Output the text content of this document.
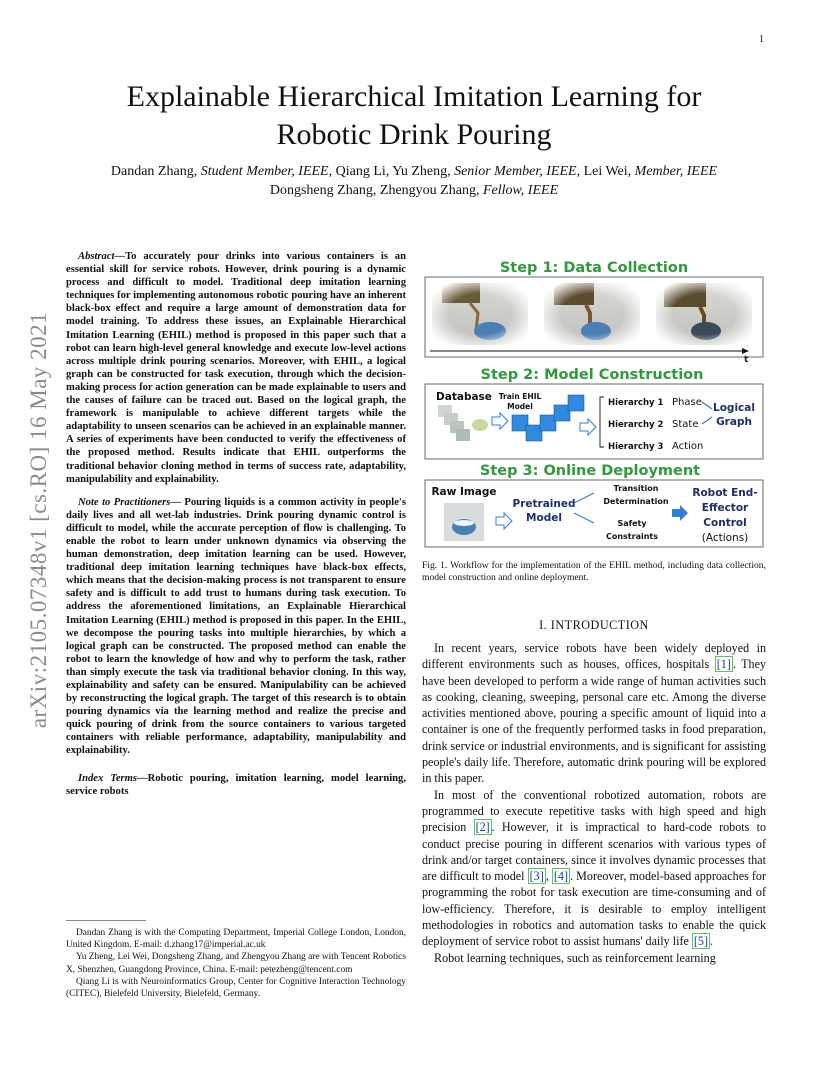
1
arXiv:2105.07348v1 [cs.RO] 16 May 2021
Explainable Hierarchical Imitation Learning for
Robotic Drink Pouring
Dandan Zhang, Student Member, IEEE, Qiang Li, Yu Zheng, Senior Member, IEEE, Lei Wei, Member, IEEE
Dongsheng Zhang, Zhengyou Zhang, Fellow, IEEE

Abstract—To accurately pour drinks into various containers is an essential skill for service robots. However, drink pouring is a dynamic process and difficult to model. Traditional deep imitation learning techniques for implementing autonomous robotic pouring have an inherent black-box effect and require a large amount of demonstration data for model training. To address these issues, an Explainable Hierarchical Imitation Learning (EHIL) method is proposed in this paper such that a robot can learn high-level general knowledge and execute low-level actions across multiple drink pouring scenarios. Moreover, with EHIL, a logical graph can be constructed for task execution, through which the decision-making process for action generation can be made explainable to users and the causes of failure can be traced out. Based on the logical graph, the framework is manipulable to achieve different targets while the adaptability to unseen scenarios can be achieved in an explainable manner. A series of experiments have been conducted to verify the effectiveness of the proposed method. Results indicate that EHIL outperforms the traditional behavior cloning method in terms of success rate, adaptability, manipulability and explainability.

Note to Practitioners— Pouring liquids is a common activity in people's daily lives and all wet-lab industries. Drink pouring dynamic control is difficult to model, while the accurate perception of flow is challenging. To enable the robot to learn under unknown dynamics via observing the human demonstration, deep imitation learning can be used. However, traditional deep imitation learning techniques have black-box effects, which means that the decision-making process is not transparent to ensure safety and is difficult to add trust to humans during task execution. To address the aforementioned limitations, an Explainable Hierarchical Imitation Learning (EHIL) method is proposed in this paper. In the EHIL, we decompose the pouring tasks into multiple hierarchies, by which a logical graph can be constructed. The proposed method can enable the robot to learn the knowledge of how and why to perform the task, rather than simply execute the task via traditional behavior cloning. In this way, explainability and safety can be ensured. Manipulability can be achieved by reconstructing the logical graph. The target of this research is to obtain pouring dynamics via the learning method and realize the precise and quick pouring of drink from the source containers to various targeted containers with reliable performance, adaptability, manipulability and explainability.

Index Terms—Robotic pouring, imitation learning, model learning, service robots

Dandan Zhang is with the Computing Department, Imperial College London, London, United Kingdom. E-mail: d.zhang17@imperial.ac.uk

Yu Zheng, Lei Wei, Dongsheng Zhang, and Zhengyou Zhang are with Tencent Robotics X, Shenzhen, Guangdong Province, China. E-mail: petezheng@tencent.com

Qiang Li is with Neuroinformatics Group, Center for Cognitive Interaction Technology (CITEC), Bielefeld University, Bielefeld, Germany.

Step 1: Data Collection
t
Step 2: Model Construction
Database Train EHIL
Model	Hierarchy 1
Hierarchy 2
Hierarchy 3
Phase
State
Action
Logical
Graph
Step 3: Online Deployment
Raw Image
Pretrained
Model
Transition
Determination
Safety
Constraints
Robot End-
Effector
Control
(Actions)
Fig. 1. Workflow for the implementation of the EHIL method, including data collection, model construction and online deployment.
I. INTRODUCTION

In recent years, service robots have been widely deployed in different environments such as houses, offices, hospitals [1] . They have been developed to perform a wide range of human activities such as cooking, cleaning, sweeping, personal care etc. Among the diverse activities mentioned above, pouring a specific amount of liquid into a container is one of the frequently performed tasks in food preparation, drink service or industrial environments, and is significant for assisting people's daily life. Therefore, automatic drink pouring will be explored in this paper.

In most of the conventional robotized automation, robots are programmed to execute repetitive tasks with high speed and high precision [2] . However, it is impractical to hard-code robots to conduct precise pouring in different scenarios with various types of drink and/or target containers, since it involves dynamic processes that are difficult to model [3] , [4] . Moreover, model-based approaches for programming the robot for task execution are time-consuming and of low-efficiency. Therefore, it is desirable to employ intelligent methodologies in robotics and automation tasks to enable the quick deployment of service robot to assist humans' daily life [5] .

Robot learning techniques, such as reinforcement learning
